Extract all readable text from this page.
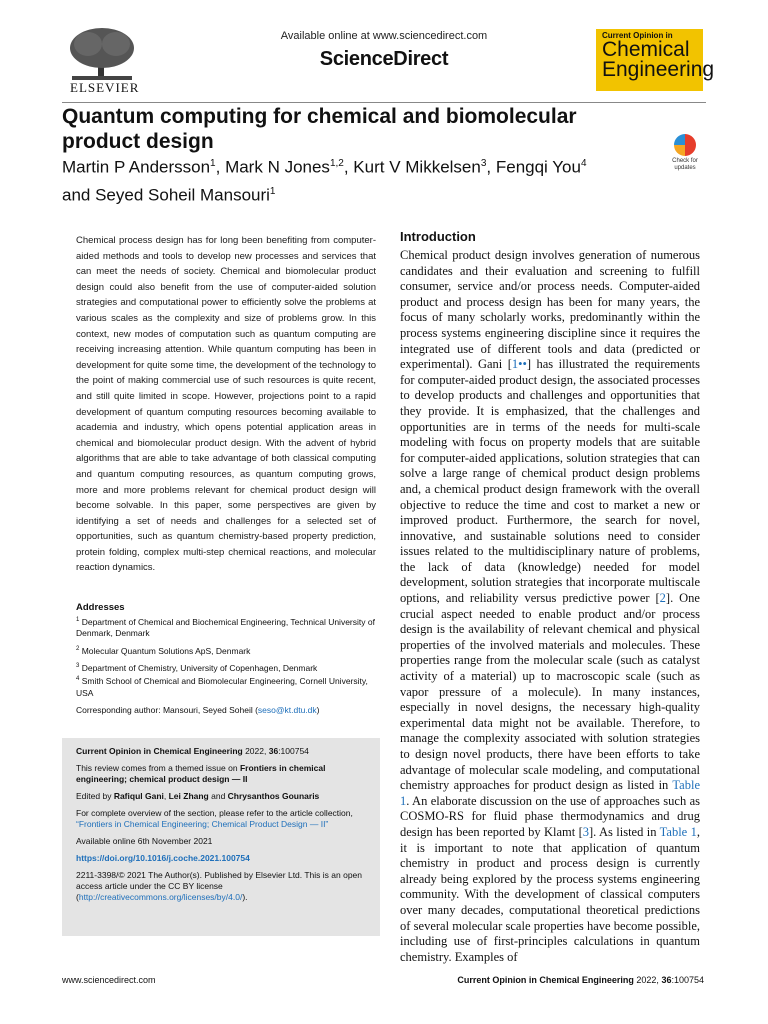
ELSEVIER
Available online at www.sciencedirect.com
ScienceDirect
Current Opinion in
Chemical
Engineering
Quantum computing for chemical and biomolecular product design
Martin P Andersson$^1$, Mark N Jones$^{1,2}$, Kurt V Mikkelsen$^3$, Fengqi You$^4$ and Seyed Soheil Mansouri$^1$
Check for updates
Chemical process design has for long been benefiting from computer-aided methods and tools to develop new processes and services that can meet the needs of society. Chemical and biomolecular product design could also benefit from the use of computer-aided solution strategies and computational power to efficiently solve the problems at various scales as the complexity and size of problems grow. In this context, new modes of computation such as quantum computing are receiving increasing attention. While quantum computing has been in development for quite some time, the development of the technology to the point of making commercial use of such resources is quite recent, and still quite limited in scope. However, projections point to a rapid development of quantum computing resources becoming available to academia and industry, which opens potential application areas in chemical and biomolecular product design. With the advent of hybrid algorithms that are able to take advantage of both classical computing and quantum computing resources, as quantum computing grows, more and more problems relevant for chemical product design will become solvable. In this paper, some perspectives are given by identifying a set of needs and challenges for a selected set of opportunities, such as quantum chemistry-based property prediction, protein folding, complex multi-step chemical reactions, and molecular reaction dynamics.
Addresses
$^1$ Department of Chemical and Biochemical Engineering, Technical University of Denmark, Denmark
$^2$ Molecular Quantum Solutions ApS, Denmark
$^3$ Department of Chemistry, University of Copenhagen, Denmark
$^4$ Smith School of Chemical and Biomolecular Engineering, Cornell University, USA
Corresponding author: Mansouri, Seyed Soheil (seso@kt.dtu.dk)

Current Opinion in Chemical Engineering 2022, 36:100754

This review comes from a themed issue on Frontiers in chemical engineering; chemical product design — II

Edited by Rafiqul Gani, Lei Zhang and Chrysanthos Gounaris

For complete overview of the section, please refer to the article collection, “Frontiers in Chemical Engineering; Chemical Product Design — II”

Available online 6th November 2021

https://doi.org/10.1016/j.coche.2021.100754

2211-3398/© 2021 The Author(s). Published by Elsevier Ltd. This is an open access article under the CC BY license (http://creativecommons.org/licenses/by/4.0/).

Introduction
Chemical product design involves generation of numerous candidates and their evaluation and screening to fulfill consumer, service and/or process needs. Computer-aided product and process design has been for many years, the focus of many scholarly works, predominantly within the process systems engineering discipline since it requires the integrated use of different tools and data (predicted or experimental). Gani [1••] has illustrated the requirements for computer-aided product design, the associated processes to develop products and challenges and opportunities that they provide. It is emphasized, that the challenges and opportunities are in terms of the needs for multi-scale modeling with focus on property models that are suitable for computer-aided applications, solution strategies that can solve a large range of chemical product design problems and, a chemical product design framework with the overall objective to reduce the time and cost to market a new or improved product. Furthermore, the search for novel, innovative, and sustainable solutions need to consider issues related to the multidisciplinary nature of problems, the lack of data (knowledge) needed for model development, solution strategies that incorporate multiscale options, and reliability versus predictive power [2]. One crucial aspect needed to enable product and/or process design is the availability of relevant chemical and physical properties of the involved materials and molecules. These properties range from the molecular scale (such as catalyst activity of a material) up to macroscopic scale (such as vapor pressure of a molecule). In many instances, especially in novel designs, the necessary high-quality experimental data might not be available. Therefore, to manage the complexity associated with solution strategies to design novel products, there have been efforts to take advantage of molecular scale modeling, and computational chemistry approaches for product design as listed in Table 1. An elaborate discussion on the use of approaches such as COSMO-RS for fluid phase thermodynamics and drug design has been reported by Klamt [3]. As listed in Table 1, it is important to note that application of quantum chemistry in product and process design is currently already being explored by the process systems engineering community. With the development of classical computers over many decades, computational theoretical predictions of several molecular scale properties have become possible, including use of first-principles calculations in quantum chemistry. Examples of
www.sciencedirect.com	Current Opinion in Chemical Engineering 2022, 36:100754
